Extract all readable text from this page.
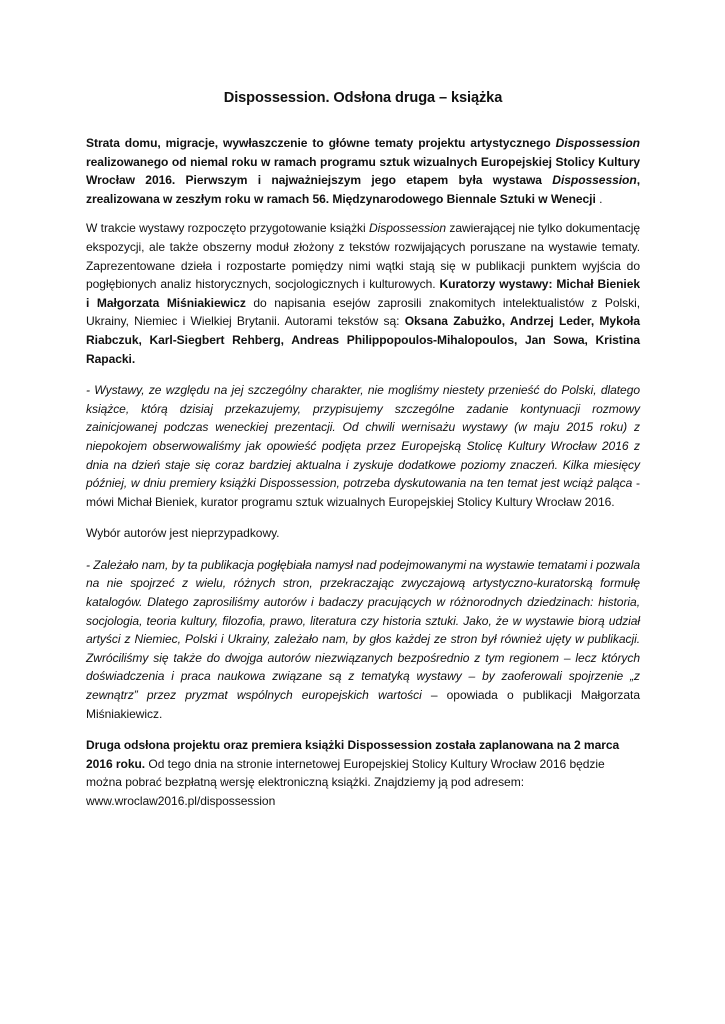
Dispossession. Odsłona druga – książka

Strata domu, migracje, wywłaszczenie to główne tematy projektu artystycznego Dispossession realizowanego od niemal roku w ramach programu sztuk wizualnych Europejskiej Stolicy Kultury Wrocław 2016. Pierwszym i najważniejszym jego etapem była wystawa Dispossession, zrealizowana w zeszłym roku w ramach 56. Międzynarodowego Biennale Sztuki w Wenecji .

W trakcie wystawy rozpoczęto przygotowanie książki Dispossession zawierającej nie tylko dokumentację ekspozycji, ale także obszerny moduł złożony z tekstów rozwijających poruszane na wystawie tematy. Zaprezentowane dzieła i rozpostarte pomiędzy nimi wątki stają się w publikacji punktem wyjścia do pogłębionych analiz historycznych, socjologicznych i kulturowych. Kuratorzy wystawy: Michał Bieniek i Małgorzata Miśniakiewicz do napisania esejów zaprosili znakomitych intelektualistów z Polski, Ukrainy, Niemiec i Wielkiej Brytanii. Autorami tekstów są: Oksana Zabużko, Andrzej Leder, Mykoła Riabczuk, Karl-Siegbert Rehberg, Andreas Philippopoulos-Mihalopoulos, Jan Sowa, Kristina Rapacki.

- Wystawy, ze względu na jej szczególny charakter, nie mogliśmy niestety przenieść do Polski, dlatego książce, którą dzisiaj przekazujemy, przypisujemy szczególne zadanie kontynuacji rozmowy zainicjowanej podczas weneckiej prezentacji. Od chwili wernisażu wystawy (w maju 2015 roku) z niepokojem obserwowaliśmy jak opowieść podjęta przez Europejską Stolicę Kultury Wrocław 2016 z dnia na dzień staje się coraz bardziej aktualna i zyskuje dodatkowe poziomy znaczeń. Kilka miesięcy później, w dniu premiery książki Dispossession, potrzeba dyskutowania na ten temat jest wciąż paląca - mówi Michał Bieniek, kurator programu sztuk wizualnych Europejskiej Stolicy Kultury Wrocław 2016.

Wybór autorów jest nieprzypadkowy.

- Zależało nam, by ta publikacja pogłębiała namysł nad podejmowanymi na wystawie tematami i pozwala na nie spojrzeć z wielu, różnych stron, przekraczając zwyczajową artystyczno-kuratorską formułę katalogów. Dlatego zaprosiliśmy autorów i badaczy pracujących w różnorodnych dziedzinach: historia, socjologia, teoria kultury, filozofia, prawo, literatura czy historia sztuki. Jako, że w wystawie biorą udział artyści z Niemiec, Polski i Ukrainy, zależało nam, by głos każdej ze stron był również ujęty w publikacji. Zwróciliśmy się także do dwojga autorów niezwiązanych bezpośrednio z tym regionem – lecz których doświadczenia i praca naukowa związane są z tematyką wystawy – by zaoferowali spojrzenie „z zewnątrz” przez pryzmat wspólnych europejskich wartości – opowiada o publikacji Małgorzata Miśniakiewicz.

Druga odsłona projektu oraz premiera książki Dispossession została zaplanowana na 2 marca 2016 roku. Od tego dnia na stronie internetowej Europejskiej Stolicy Kultury Wrocław 2016 będzie można pobrać bezpłatną wersję elektroniczną książki. Znajdziemy ją pod adresem: www.wroclaw2016.pl/dispossession
